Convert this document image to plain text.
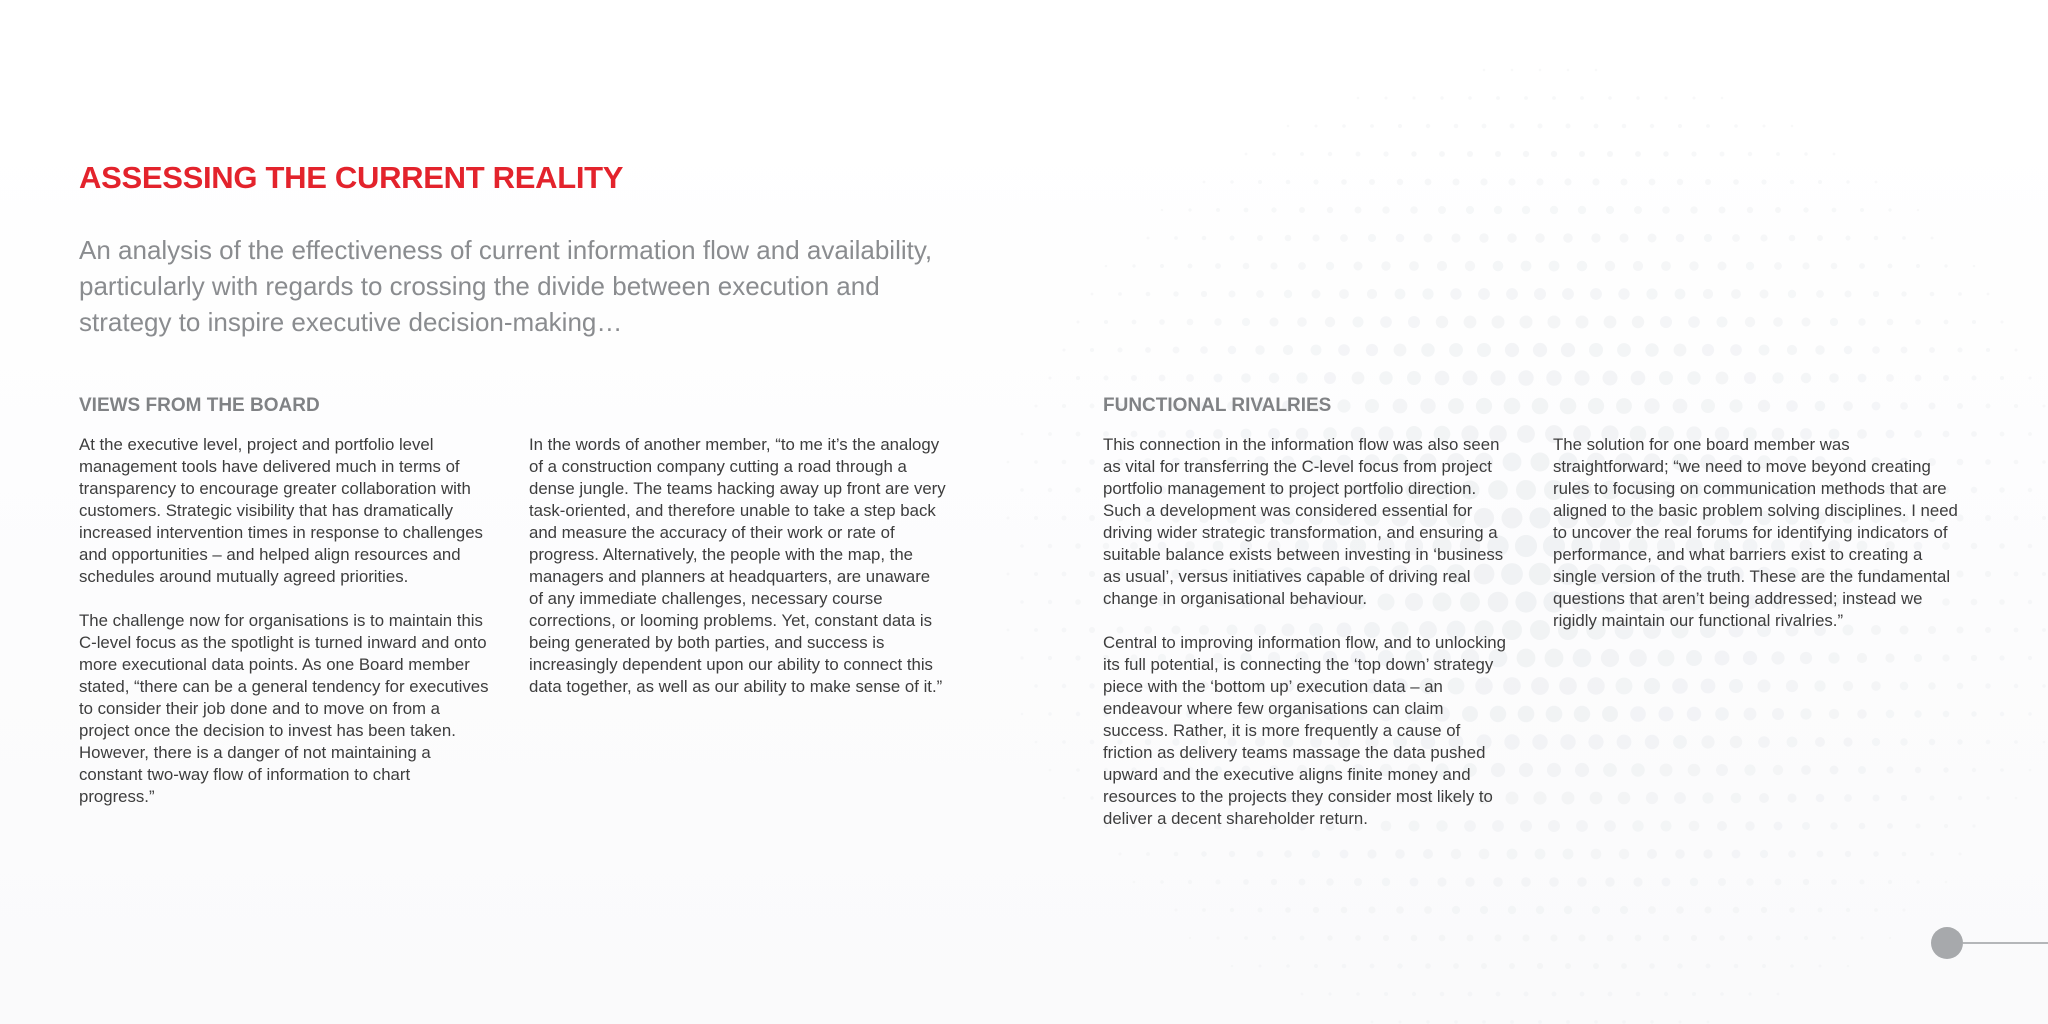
ASSESSING THE CURRENT REALITY

An analysis of the effectiveness of current information flow and availability, particularly with regards to crossing the divide between execution and strategy to inspire executive decision-making…

VIEWS FROM THE BOARD	FUNCTIONAL RIVALRIES

At the executive level, project and portfolio level management tools have delivered much in terms of transparency to encourage greater collaboration with customers. Strategic visibility that has dramatically increased intervention times in response to challenges and opportunities – and helped align resources and schedules around mutually agreed priorities.

The challenge now for organisations is to maintain this C-level focus as the spotlight is turned inward and onto more executional data points. As one Board member stated, “there can be a general tendency for executives to consider their job done and to move on from a project once the decision to invest has been taken. However, there is a danger of not maintaining a constant two-way flow of information to chart progress.”

In the words of another member, “to me it’s the analogy of a construction company cutting a road through a dense jungle. The teams hacking away up front are very task-oriented, and therefore unable to take a step back and measure the accuracy of their work or rate of progress. Alternatively, the people with the map, the managers and planners at headquarters, are unaware of any immediate challenges, necessary course corrections, or looming problems. Yet, constant data is being generated by both parties, and success is increasingly dependent upon our ability to connect this data together, as well as our ability to make sense of it.”

This connection in the information flow was also seen as vital for transferring the C-level focus from project portfolio management to project portfolio direction. Such a development was considered essential for driving wider strategic transformation, and ensuring a suitable balance exists between investing in ‘business as usual’, versus initiatives capable of driving real change in organisational behaviour.

Central to improving information flow, and to unlocking its full potential, is connecting the ‘top down’ strategy piece with the ‘bottom up’ execution data – an endeavour where few organisations can claim success. Rather, it is more frequently a cause of friction as delivery teams massage the data pushed upward and the executive aligns finite money and resources to the projects they consider most likely to deliver a decent shareholder return.

The solution for one board member was straightforward; “we need to move beyond creating rules to focusing on communication methods that are aligned to the basic problem solving disciplines. I need to uncover the real forums for identifying indicators of performance, and what barriers exist to creating a single version of the truth. These are the fundamental questions that aren’t being addressed; instead we rigidly maintain our functional rivalries.”
